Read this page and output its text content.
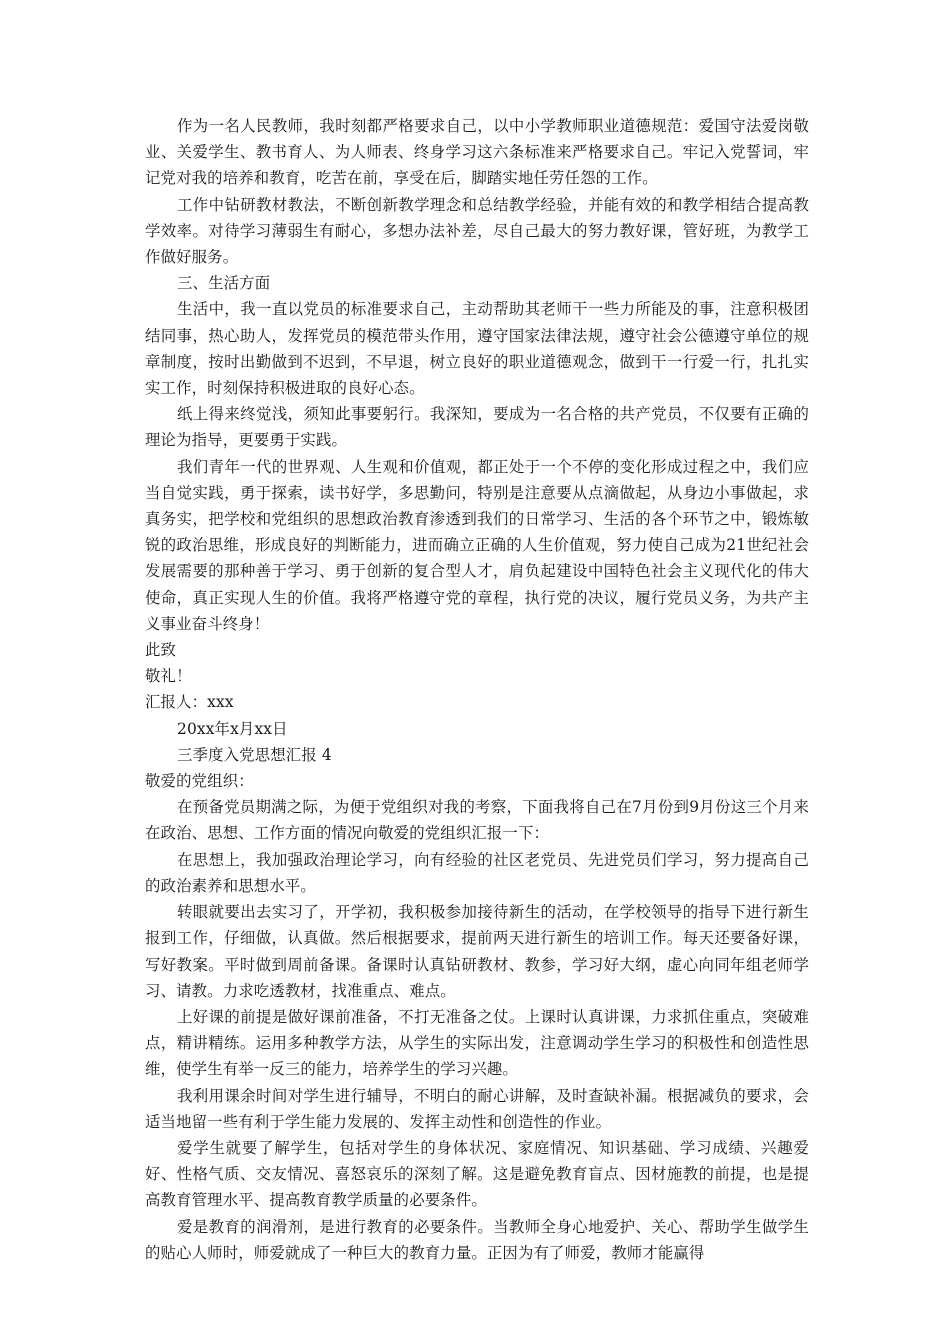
作为一名人民教师，我时刻都严格要求自己，以中小学教师职业道德规范：爱国守法爱岗敬业、关爱学生、教书育人、为人师表、终身学习这六条标准来严格要求自己。牢记入党誓词，牢记党对我的培养和教育，吃苦在前，享受在后，脚踏实地任劳任怨的工作。

工作中钻研教材教法，不断创新教学理念和总结教学经验，并能有效的和教学相结合提高教学效率。对待学习薄弱生有耐心，多想办法补差，尽自己最大的努力教好课，管好班，为教学工作做好服务。

三、生活方面

生活中，我一直以党员的标准要求自己，主动帮助其老师干一些力所能及的事，注意积极团结同事，热心助人，发挥党员的模范带头作用，遵守国家法律法规，遵守社会公德遵守单位的规章制度，按时出勤做到不迟到，不早退，树立良好的职业道德观念，做到干一行爱一行，扎扎实实工作，时刻保持积极进取的良好心态。

纸上得来终觉浅，须知此事要躬行。我深知，要成为一名合格的共产党员，不仅要有正确的理论为指导，更要勇于实践。

我们青年一代的世界观、人生观和价值观，都正处于一个不停的变化形成过程之中，我们应当自觉实践，勇于探索，读书好学，多思勤问，特别是注意要从点滴做起，从身边小事做起，求真务实，把学校和党组织的思想政治教育渗透到我们的日常学习、生活的各个环节之中，锻炼敏锐的政治思维，形成良好的判断能力，进而确立正确的人生价值观，努力使自己成为21世纪社会发展需要的那种善于学习、勇于创新的复合型人才，肩负起建设中国特色社会主义现代化的伟大使命，真正实现人生的价值。我将严格遵守党的章程，执行党的决议，履行党员义务，为共产主义事业奋斗终身！

此致

敬礼！

汇报人：xxx

20xx年x月xx日

三季度入党思想汇报 4

敬爱的党组织：

在预备党员期满之际，为便于党组织对我的考察，下面我将自己在7月份到9月份这三个月来在政治、思想、工作方面的情况向敬爱的党组织汇报一下：

在思想上，我加强政治理论学习，向有经验的社区老党员、先进党员们学习，努力提高自己的政治素养和思想水平。

转眼就要出去实习了，开学初，我积极参加接待新生的活动，在学校领导的指导下进行新生报到工作，仔细做，认真做。然后根据要求，提前两天进行新生的培训工作。每天还要备好课，写好教案。平时做到周前备课。备课时认真钻研教材、教参，学习好大纲，虚心向同年组老师学习、请教。力求吃透教材，找准重点、难点。

上好课的前提是做好课前准备，不打无准备之仗。上课时认真讲课，力求抓住重点，突破难点，精讲精练。运用多种教学方法，从学生的实际出发，注意调动学生学习的积极性和创造性思维，使学生有举一反三的能力，培养学生的学习兴趣。

我利用课余时间对学生进行辅导，不明白的耐心讲解，及时查缺补漏。根据减负的要求，会适当地留一些有利于学生能力发展的、发挥主动性和创造性的作业。

爱学生就要了解学生，包括对学生的身体状况、家庭情况、知识基础、学习成绩、兴趣爱好、性格气质、交友情况、喜怒哀乐的深刻了解。这是避免教育盲点、因材施教的前提，也是提高教育管理水平、提高教育教学质量的必要条件。

爱是教育的润滑剂，是进行教育的必要条件。当教师全身心地爱护、关心、帮助学生做学生的贴心人师时，师爱就成了一种巨大的教育力量。正因为有了师爱，教师才能赢得
